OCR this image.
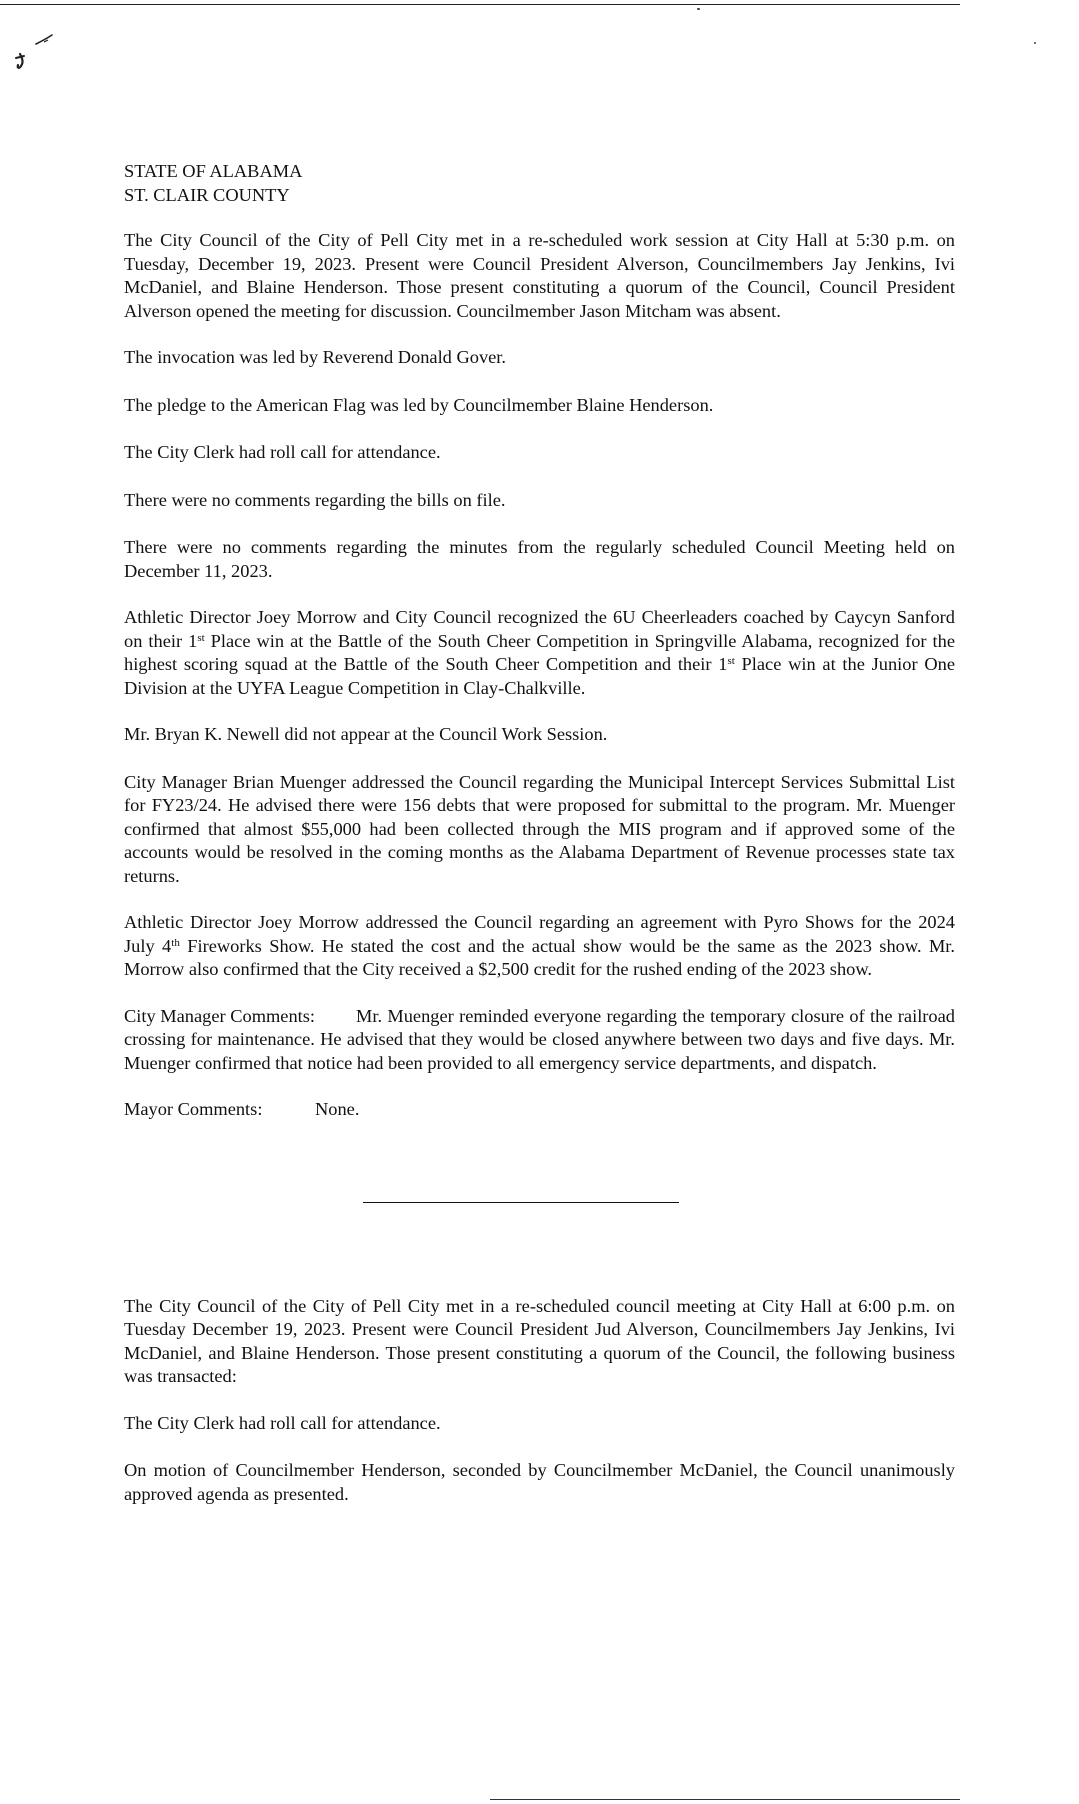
STATE OF ALABAMA
ST. CLAIR COUNTY

The City Council of the City of Pell City met in a re-scheduled work session at City Hall at 5:30 p.m. on Tuesday, December 19, 2023. Present were Council President Alverson, Councilmembers Jay Jenkins, Ivi McDaniel, and Blaine Henderson. Those present constituting a quorum of the Council, Council President Alverson opened the meeting for discussion. Councilmember Jason Mitcham was absent.

The invocation was led by Reverend Donald Gover.

The pledge to the American Flag was led by Councilmember Blaine Henderson.

The City Clerk had roll call for attendance.

There were no comments regarding the bills on file.

There were no comments regarding the minutes from the regularly scheduled Council Meeting held on December 11, 2023.

Athletic Director Joey Morrow and City Council recognized the 6U Cheerleaders coached by Caycyn Sanford on their 1st Place win at the Battle of the South Cheer Competition in Springville Alabama, recognized for the highest scoring squad at the Battle of the South Cheer Competition and their 1st Place win at the Junior One Division at the UYFA League Competition in Clay-Chalkville.

Mr. Bryan K. Newell did not appear at the Council Work Session.

City Manager Brian Muenger addressed the Council regarding the Municipal Intercept Services Submittal List for FY23/24. He advised there were 156 debts that were proposed for submittal to the program. Mr. Muenger confirmed that almost $55,000 had been collected through the MIS program and if approved some of the accounts would be resolved in the coming months as the Alabama Department of Revenue processes state tax returns.

Athletic Director Joey Morrow addressed the Council regarding an agreement with Pyro Shows for the 2024 July 4th Fireworks Show. He stated the cost and the actual show would be the same as the 2023 show. Mr. Morrow also confirmed that the City received a $2,500 credit for the rushed ending of the 2023 show.

City Manager Comments: Mr. Muenger reminded everyone regarding the temporary closure of the railroad crossing for maintenance. He advised that they would be closed anywhere between two days and five days. Mr. Muenger confirmed that notice had been provided to all emergency service departments, and dispatch.

Mayor Comments:	None.

The City Council of the City of Pell City met in a re-scheduled council meeting at City Hall at 6:00 p.m. on Tuesday December 19, 2023. Present were Council President Jud Alverson, Councilmembers Jay Jenkins, Ivi McDaniel, and Blaine Henderson. Those present constituting a quorum of the Council, the following business was transacted:

The City Clerk had roll call for attendance.

On motion of Councilmember Henderson, seconded by Councilmember McDaniel, the Council unanimously approved agenda as presented.
